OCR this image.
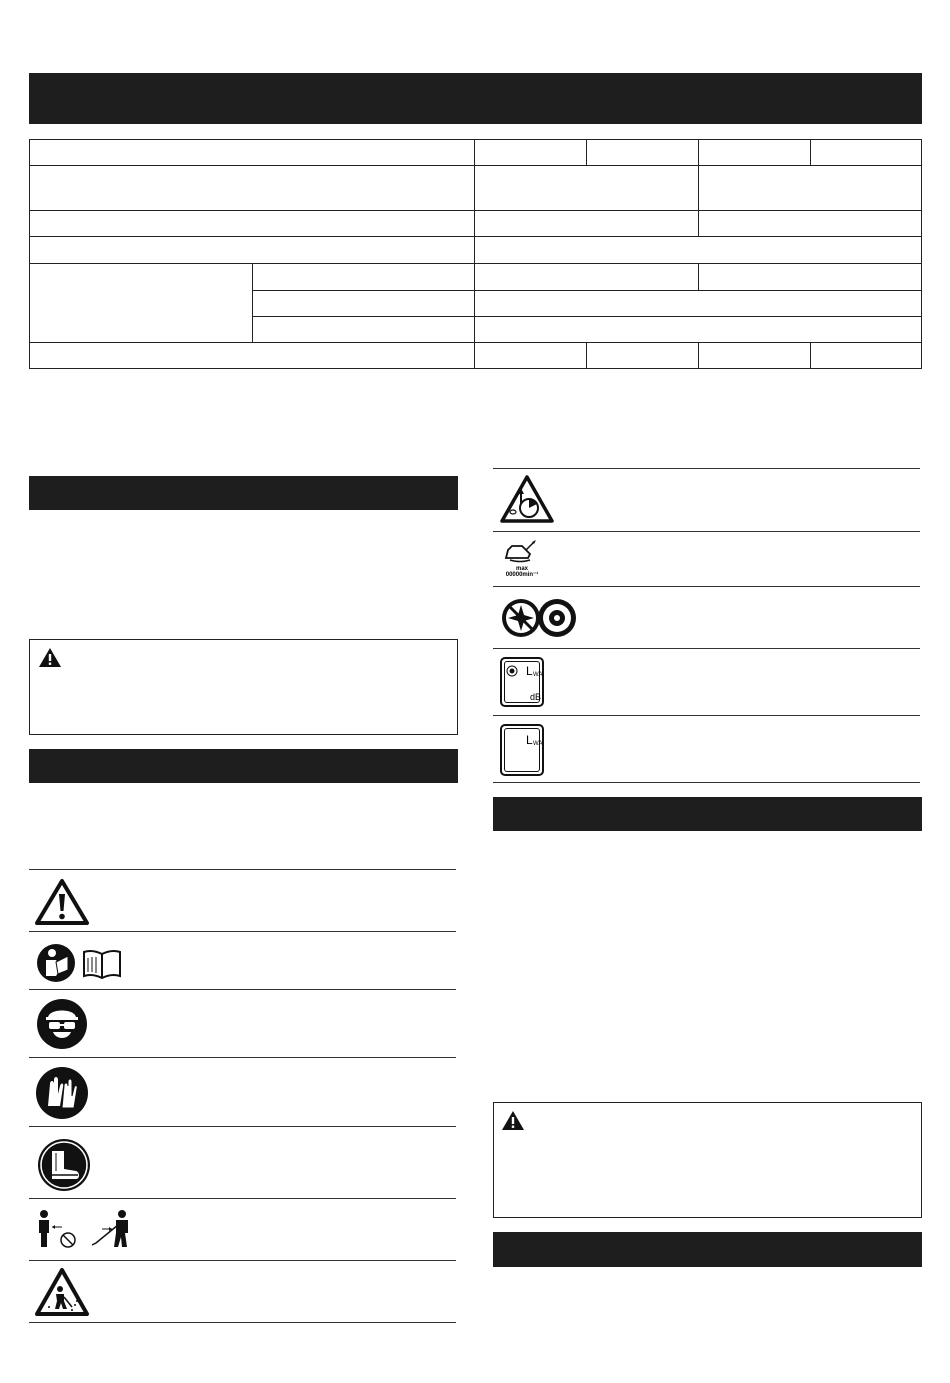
max
00000min⁻¹
L WA
dB
L WA
